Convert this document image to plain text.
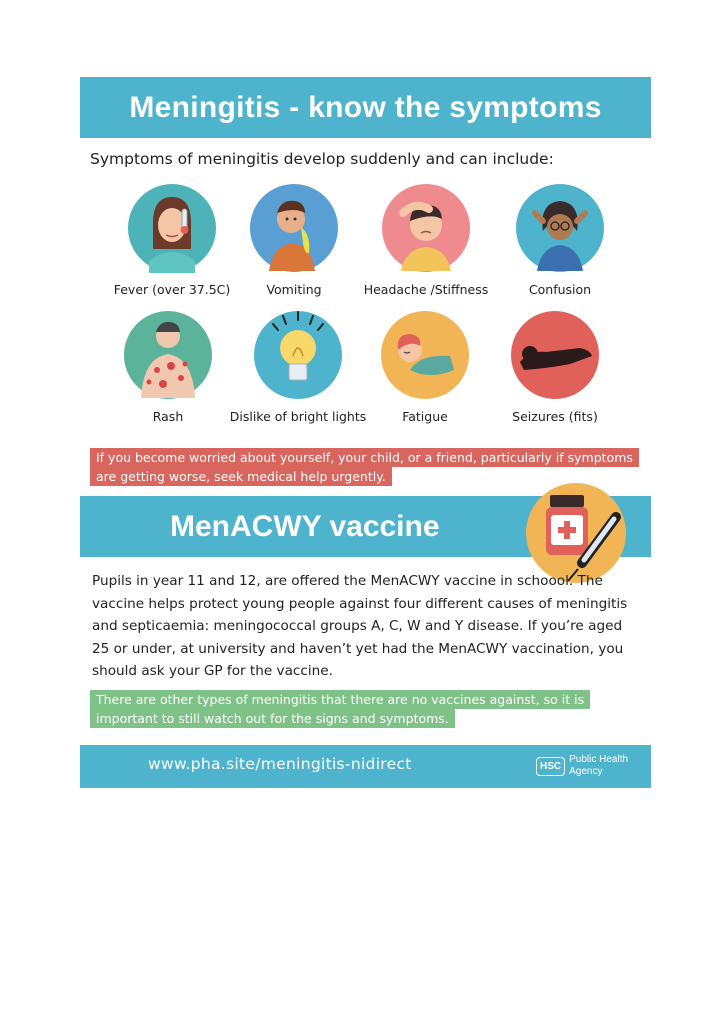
Meningitis - know the symptoms

Symptoms of meningitis develop suddenly and can include:

Fever (over 37.5C)	Vomiting	Headache /Stiffness	Confusion
Rash	Dislike of bright lights	Fatigue	Seizures (fits)
If you become worried about yourself, your child, or a friend, particularly if symptoms are getting worse, seek medical help urgently.
MenACWY vaccine

Pupils in year 11 and 12, are offered the MenACWY vaccine in schoool. The vaccine helps protect young people against four different causes of meningitis and septicaemia: meningococcal groups A, C, W and Y disease. If you’re aged 25 or under, at university and haven’t yet had the MenACWY vaccination, you should ask your GP for the vaccine.

There are other types of meningitis that there are no vaccines against, so it is important to still watch out for the signs and symptoms.
www.pha.site/meningitis-nidirect	HSC
Public Health
Agency
